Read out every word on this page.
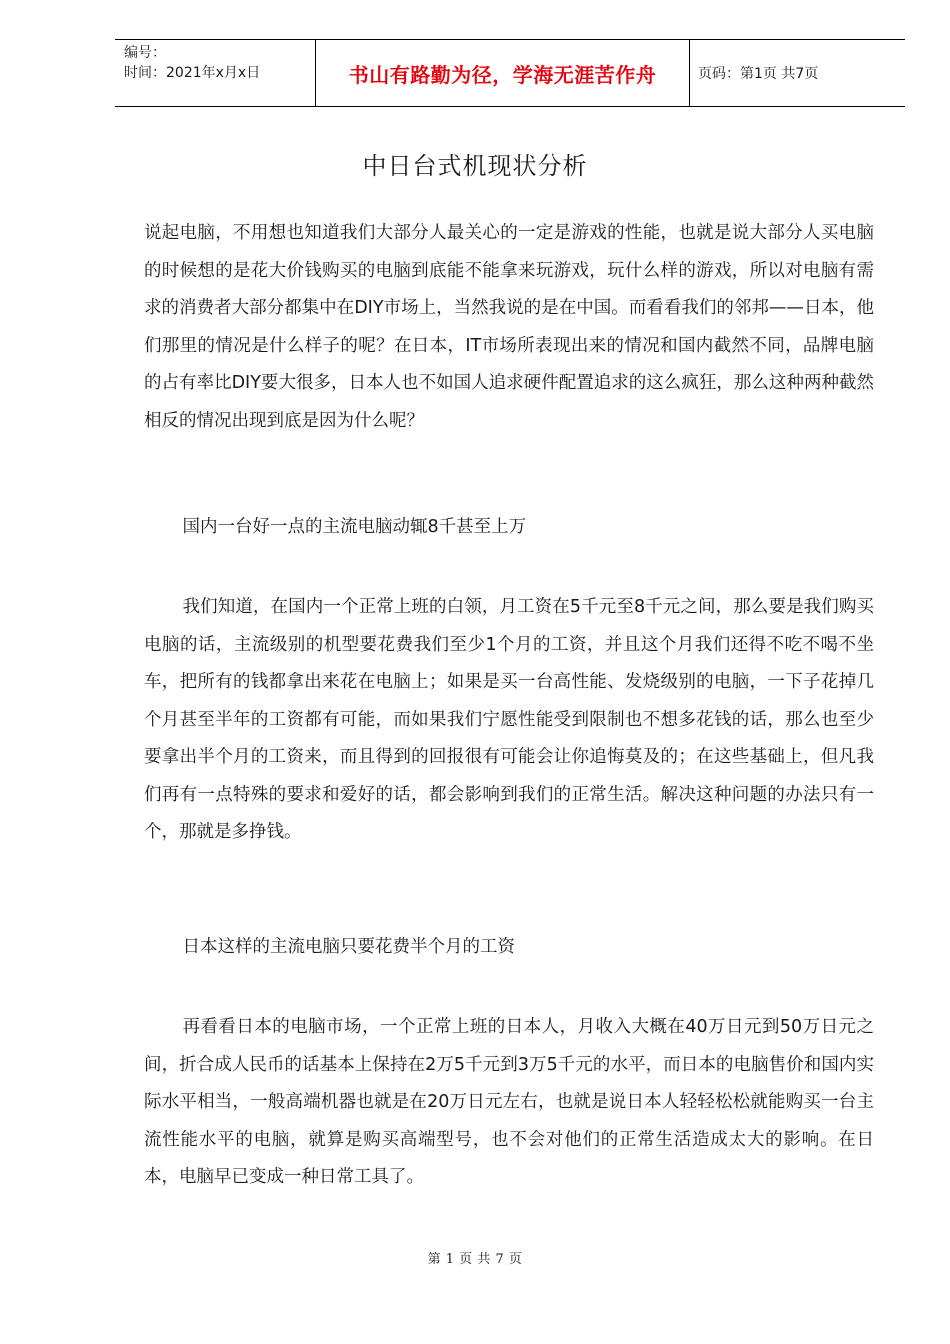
编号：
时间：2021年x月x日	书山有路勤为径，学海无涯苦作舟	页码：第1页 共7页
中日台式机现状分析

说起电脑，不用想也知道我们大部分人最关心的一定是游戏的性能，也就是说大部分人买电脑的时候想的是花大价钱购买的电脑到底能不能拿来玩游戏，玩什么样的游戏，所以对电脑有需求的消费者大部分都集中在DIY市场上，当然我说的是在中国。而看看我们的邻邦——日本，他们那里的情况是什么样子的呢？在日本，IT市场所表现出来的情况和国内截然不同，品牌电脑的占有率比DIY要大很多，日本人也不如国人追求硬件配置追求的这么疯狂，那么这种两种截然相反的情况出现到底是因为什么呢？

国内一台好一点的主流电脑动辄8千甚至上万

我们知道，在国内一个正常上班的白领，月工资在5千元至8千元之间，那么要是我们购买电脑的话，主流级别的机型要花费我们至少1个月的工资，并且这个月我们还得不吃不喝不坐车，把所有的钱都拿出来花在电脑上；如果是买一台高性能、发烧级别的电脑，一下子花掉几个月甚至半年的工资都有可能，而如果我们宁愿性能受到限制也不想多花钱的话，那么也至少要拿出半个月的工资来，而且得到的回报很有可能会让你追悔莫及的；在这些基础上，但凡我们再有一点特殊的要求和爱好的话，都会影响到我们的正常生活。解决这种问题的办法只有一个，那就是多挣钱。

日本这样的主流电脑只要花费半个月的工资

再看看日本的电脑市场，一个正常上班的日本人，月收入大概在40万日元到50万日元之间，折合成人民币的话基本上保持在2万5千元到3万5千元的水平，而日本的电脑售价和国内实际水平相当，一般高端机器也就是在20万日元左右，也就是说日本人轻轻松松就能购买一台主流性能水平的电脑，就算是购买高端型号，也不会对他们的正常生活造成太大的影响。在日本，电脑早已变成一种日常工具了。

第 1 页 共 7 页
